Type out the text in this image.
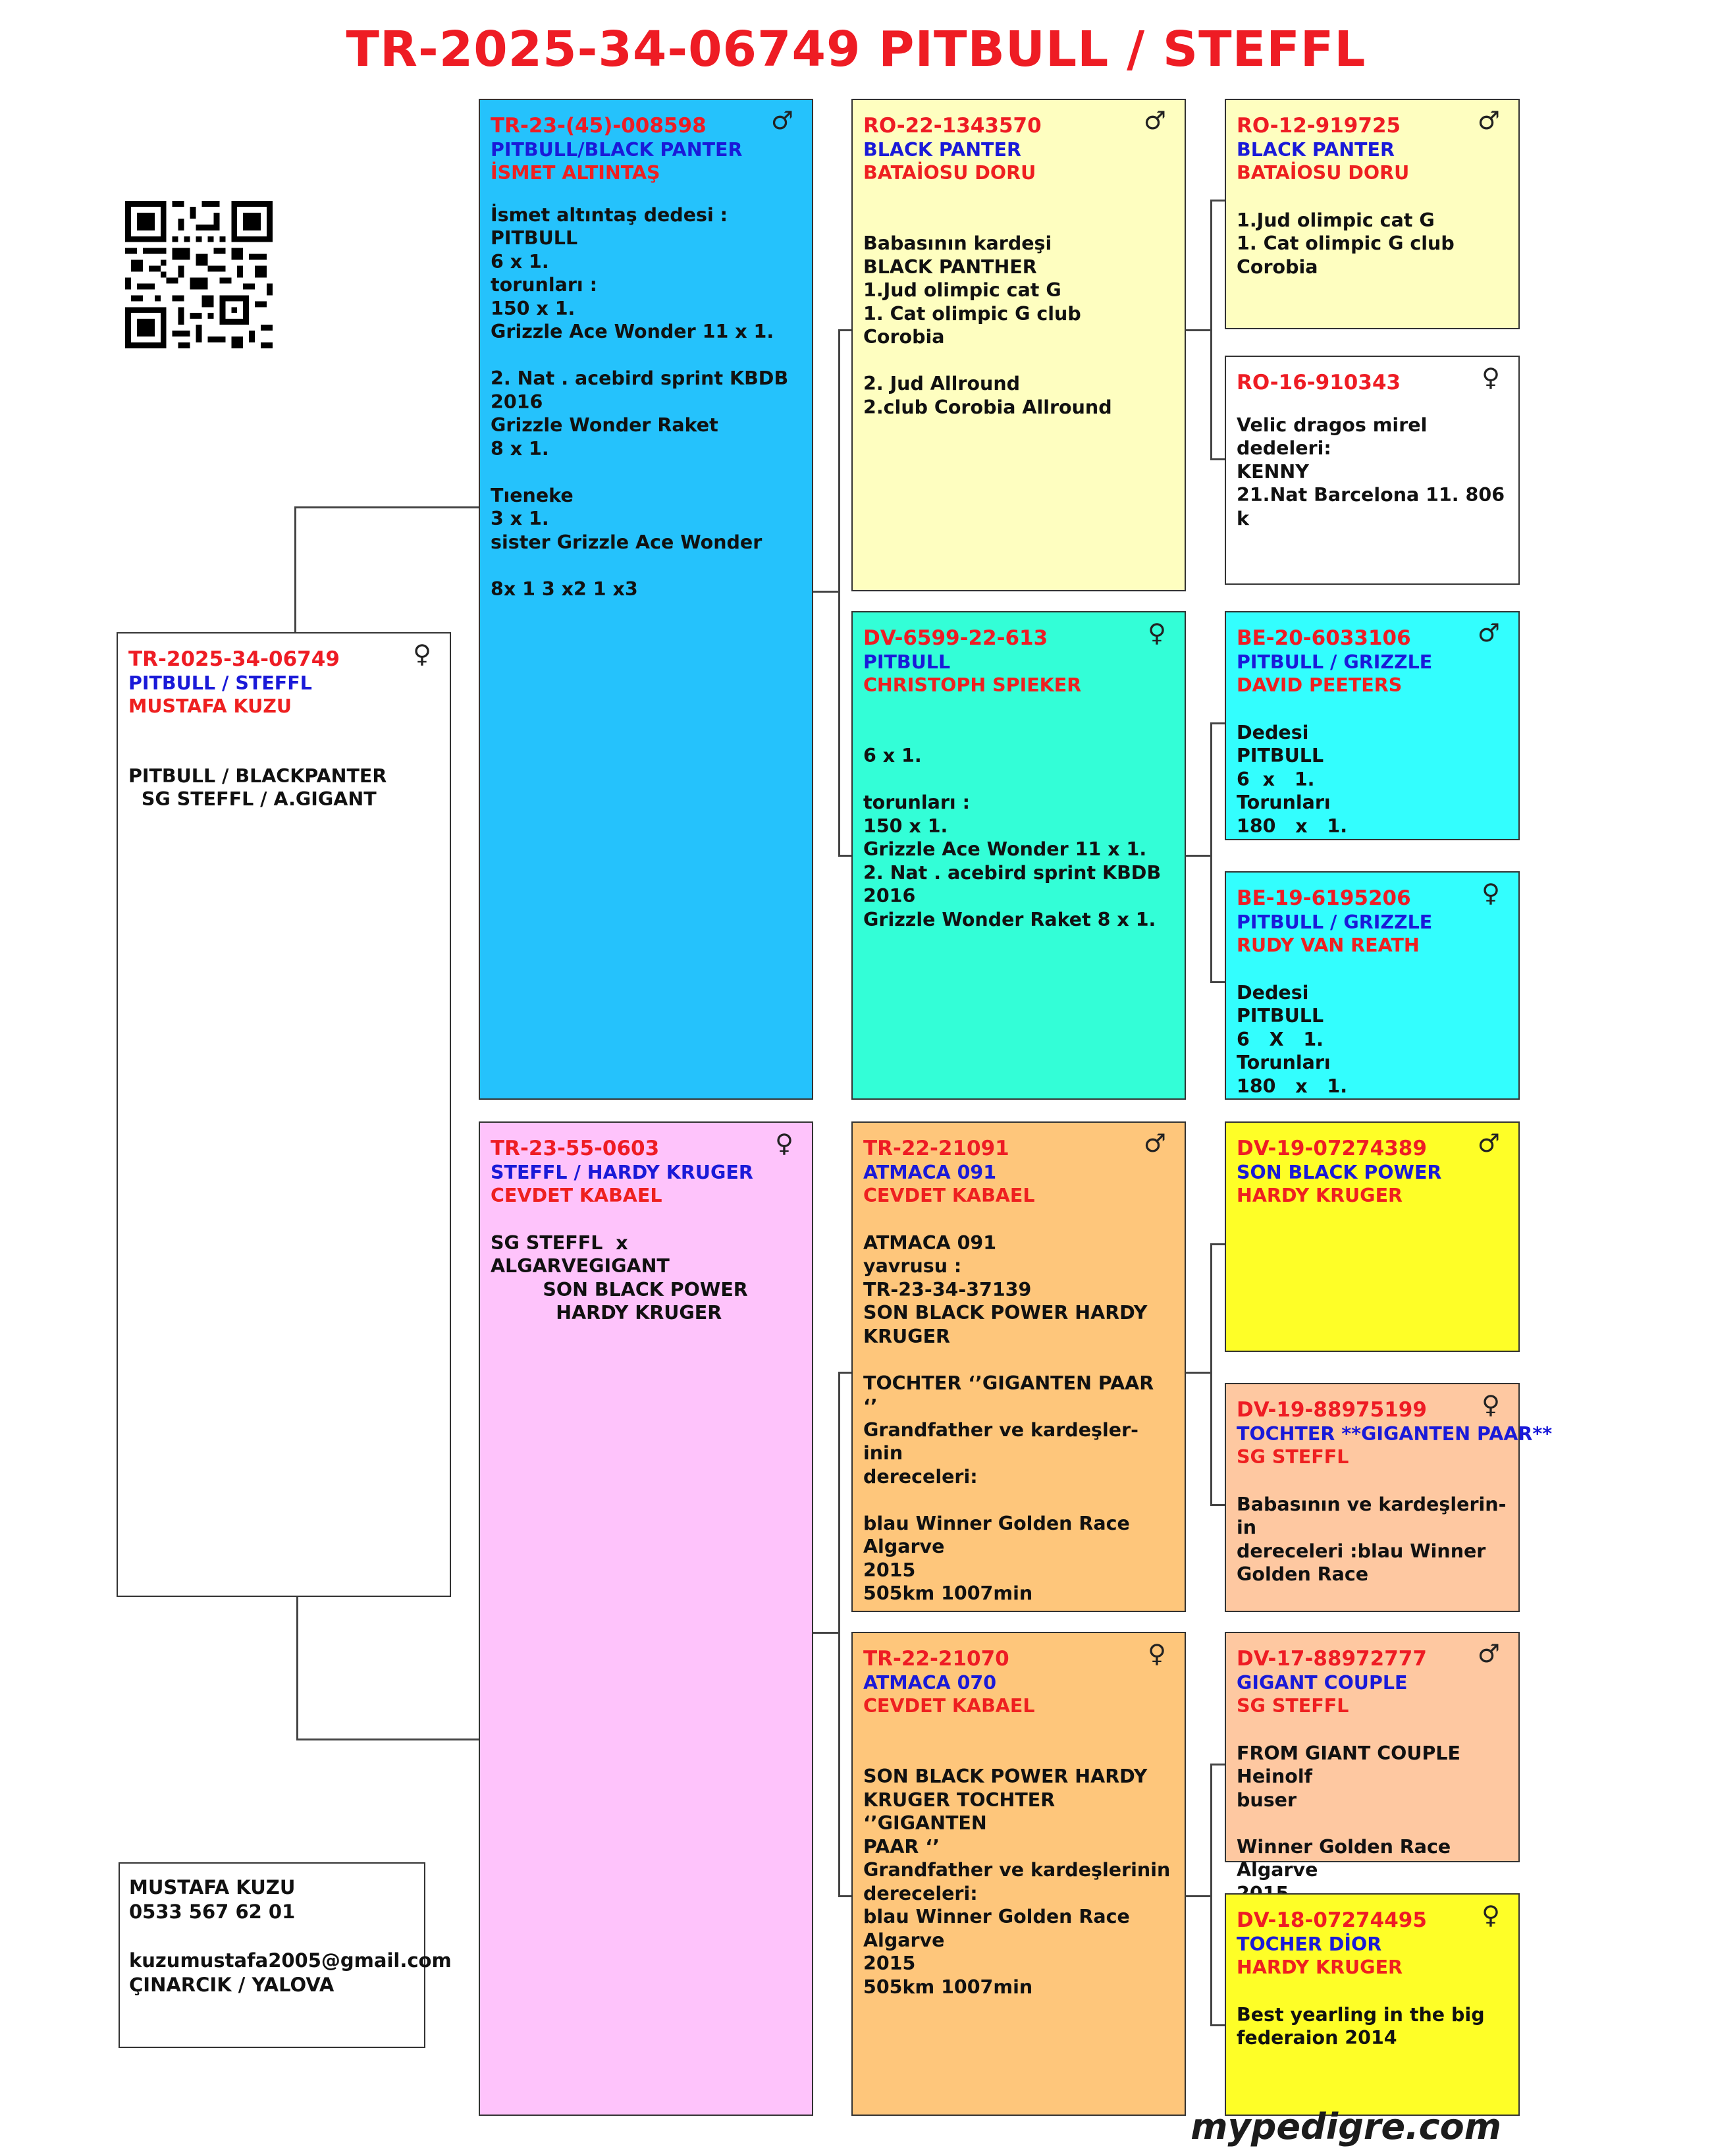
TR-2025-34-06749 PITBULL / STEFFL
♀
TR-2025-34-06749
PITBULL / STEFFL
MUSTAFA KUZU
PITBULL / BLACKPANTER
SG STEFFL / A.GIGANT
♂
TR-23-(45)-008598
PITBULL/BLACK PANTER
İSMET ALTINTAŞ
İsmet altıntaş dedesi :
PITBULL
6 x 1.
torunları :
150 x 1.
Grizzle Ace Wonder 11 x 1.

2. Nat . acebird sprint KBDB 2016
Grizzle Wonder Raket
8 x 1.

Tıeneke
3 x 1.
sister Grizzle Ace Wonder

8x 1 3 x2 1 x3
♀
TR-23-55-0603
STEFFL / HARDY KRUGER
CEVDET KABAEL
SG STEFFL  x   ALGARVEGIGANT
SON BLACK POWER
HARDY KRUGER
♂
RO-22-1343570
BLACK PANTER
BATAİOSU DORU

Babasının kardeşi
BLACK PANTHER
1.Jud olimpic cat G
1. Cat olimpic G club
Corobia

2. Jud Allround
2.club Corobia Allround
♀
DV-6599-22-613
PITBULL
CHRISTOPH SPIEKER

6 x 1.

torunları :
150 x 1.
Grizzle Ace Wonder 11 x 1.
2. Nat . acebird sprint KBDB
2016
Grizzle Wonder Raket 8 x 1.
♂
TR-22-21091
ATMACA 091
CEVDET KABAEL
ATMACA 091
yavrusu :
TR-23-34-37139
SON BLACK POWER HARDY
KRUGER

TOCHTER ‘’GIGANTEN PAAR ‘’
Grandfather ve kardeşler- inin
dereceleri:

blau Winner Golden Race Algarve
2015
505km 1007min
♀
TR-22-21070
ATMACA 070
CEVDET KABAEL

SON BLACK POWER HARDY
KRUGER TOCHTER ‘’GIGANTEN
PAAR ‘’
Grandfather ve kardeşlerinin
dereceleri:
blau Winner Golden Race Algarve
2015
505km 1007min
♂
RO-12-919725
BLACK PANTER
BATAİOSU DORU
1.Jud olimpic cat G
1. Cat olimpic G club
Corobia
♀
RO-16-910343
Velic dragos mirel
dedeleri:
KENNY
21.Nat Barcelona 11. 806 k
♂
BE-20-6033106
PITBULL / GRIZZLE
DAVID PEETERS
Dedesi
PITBULL
6  x   1.
Torunları
180   x   1.
♀
BE-19-6195206
PITBULL / GRIZZLE
RUDY VAN REATH
Dedesi
PITBULL
6   X   1.
Torunları
180   x   1.
♂
DV-19-07274389
SON BLACK POWER
HARDY KRUGER
♀
DV-19-88975199
TOCHTER **GIGANTEN PAAR**
SG STEFFL
Babasının ve kardeşlerin- in
dereceleri :blau Winner
Golden Race
♂
DV-17-88972777
GIGANT COUPLE
SG STEFFL
FROM GIANT COUPLE Heinolf
buser

Winner Golden Race Algarve

♀
DV-18-07274495
TOCHER DİOR
HARDY KRUGER
Best yearling in the big
federaion 2014
MUSTAFA KUZU
0533 567 62 01

kuzumustafa2005@gmail.com
ÇINARCIK / YALOVA
mypedigre.com
